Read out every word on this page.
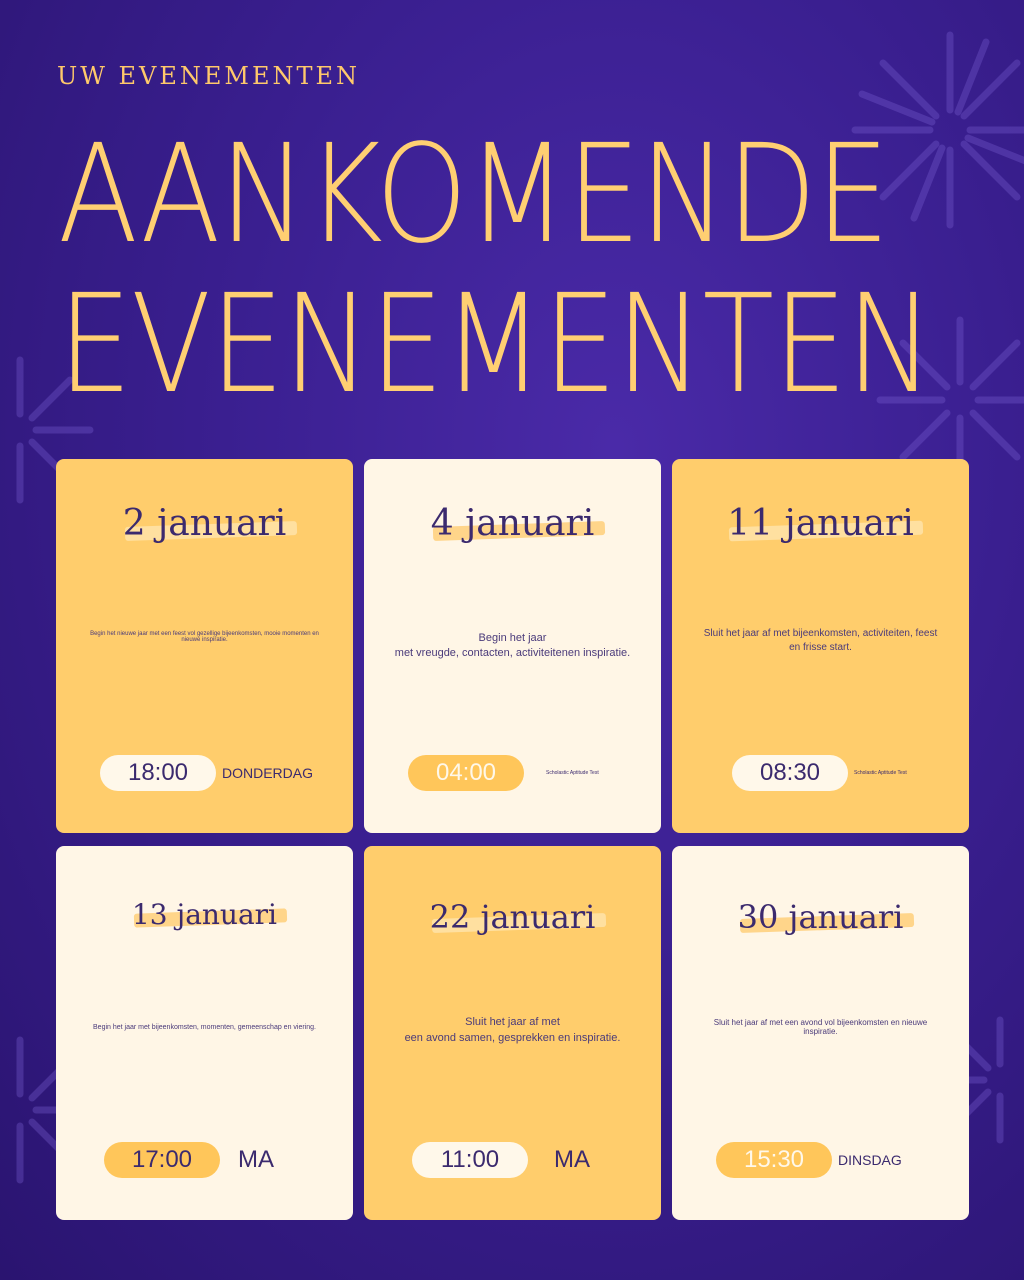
UW EVENEMENTEN
AANKOMENDE
EVENEMENTEN
2 januari
Begin het nieuwe jaar met een feest vol gezellige bijeenkomsten, mooie momenten en nieuwe inspiratie.
18:00	DONDERDAG
4 januari
Begin het jaar
met vreugde, contacten, activiteitenen inspiratie.
04:00	Scholastic Aptitude Test
11 januari
Sluit het jaar af met bijeenkomsten, activiteiten, feest en frisse start.
08:30	Scholastic Aptitude Test
13 januari
Begin het jaar met bijeenkomsten, momenten, gemeenschap en viering.
17:00	MA
22 januari
Sluit het jaar af met
een avond samen, gesprekken en inspiratie.
11:00	MA
30 januari
Sluit het jaar af met een avond vol bijeenkomsten en nieuwe inspiratie.
15:30	DINSDAG
